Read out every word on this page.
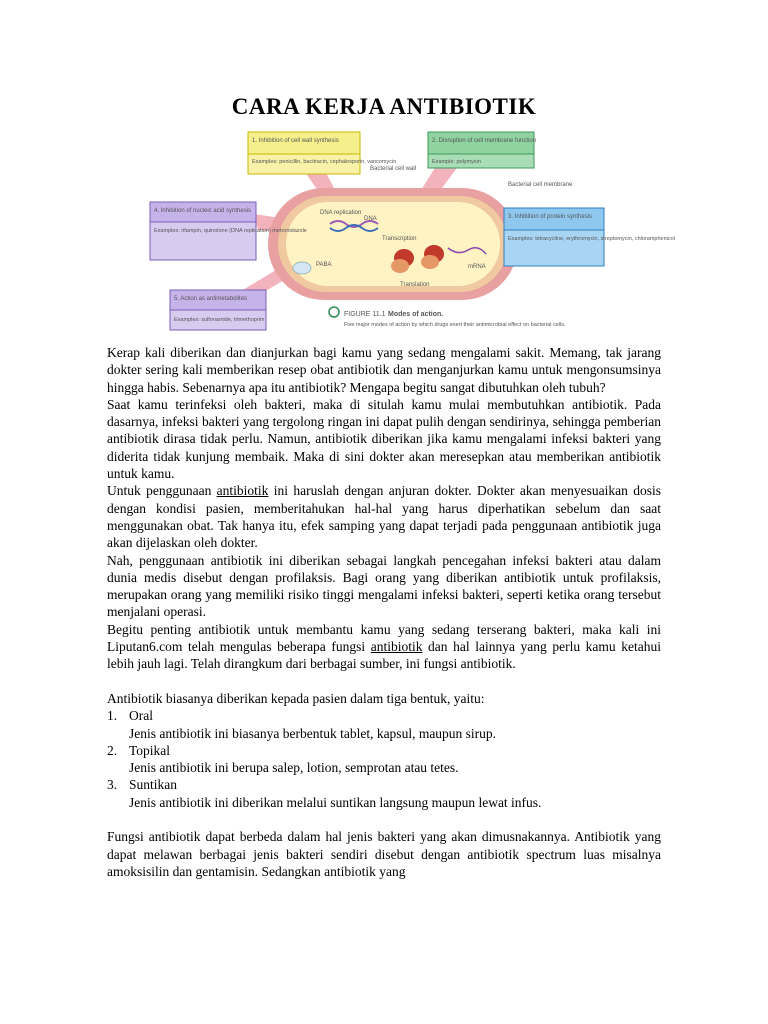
CARA KERJA ANTIBIOTIK
DNA replication
DNA
Transcription
Translation
PABA	mRNA
Bacterial cell wall
Bacterial cell membrane
1. Inhibition of cell wall synthesis
Examples: penicillin, bacitracin, cephalosporin, vancomycin
2. Disruption of cell membrane function
Example: polymyxin
4. Inhibition of nucleic acid synthesis
Examples: rifampin, quinolone (DNA replication) metronidazole
3. Inhibition of protein synthesis
Examples: tetracycline, erythromycin, streptomycin, chloramphenicol
5. Action as antimetabolites
Examples: sulfonamide, trimethoprim
FIGURE 11.1 Modes of action.
Five major modes of action by which drugs exert their antimicrobial effect on bacterial cells.

Kerap kali diberikan dan dianjurkan bagi kamu yang sedang mengalami sakit. Memang, tak jarang dokter sering kali memberikan resep obat antibiotik dan menganjurkan kamu untuk mengonsumsinya hingga habis. Sebenarnya apa itu antibiotik? Mengapa begitu sangat dibutuhkan oleh tubuh?

Saat kamu terinfeksi oleh bakteri, maka di situlah kamu mulai membutuhkan antibiotik. Pada dasarnya, infeksi bakteri yang tergolong ringan ini dapat pulih dengan sendirinya, sehingga pemberian antibiotik dirasa tidak perlu. Namun, antibiotik diberikan jika kamu mengalami infeksi bakteri yang diderita tidak kunjung membaik. Maka di sini dokter akan meresepkan atau memberikan antibiotik untuk kamu.

Untuk penggunaan antibiotik ini haruslah dengan anjuran dokter. Dokter akan menyesuaikan dosis dengan kondisi pasien, memberitahukan hal-hal yang harus diperhatikan sebelum dan saat menggunakan obat. Tak hanya itu, efek samping yang dapat terjadi pada penggunaan antibiotik juga akan dijelaskan oleh dokter.

Nah, penggunaan antibiotik ini diberikan sebagai langkah pencegahan infeksi bakteri atau dalam dunia medis disebut dengan profilaksis. Bagi orang yang diberikan antibiotik untuk profilaksis, merupakan orang yang memiliki risiko tinggi mengalami infeksi bakteri, seperti ketika orang tersebut menjalani operasi.

Begitu penting antibiotik untuk membantu kamu yang sedang terserang bakteri, maka kali ini Liputan6.com telah mengulas beberapa fungsi antibiotik dan hal lainnya yang perlu kamu ketahui lebih jauh lagi. Telah dirangkum dari berbagai sumber, ini fungsi antibiotik.

Antibiotik biasanya diberikan kepada pasien dalam tiga bentuk, yaitu:

1. Oral

Jenis antibiotik ini biasanya berbentuk tablet, kapsul, maupun sirup.

2. Topikal

Jenis antibiotik ini berupa salep, lotion, semprotan atau tetes.

3. Suntikan

Jenis antibiotik ini diberikan melalui suntikan langsung maupun lewat infus.

Fungsi antibiotik dapat berbeda dalam hal jenis bakteri yang akan dimusnakannya. Antibiotik yang dapat melawan berbagai jenis bakteri sendiri disebut dengan antibiotik spectrum luas misalnya amoksisilin dan gentamisin. Sedangkan antibiotik yang
